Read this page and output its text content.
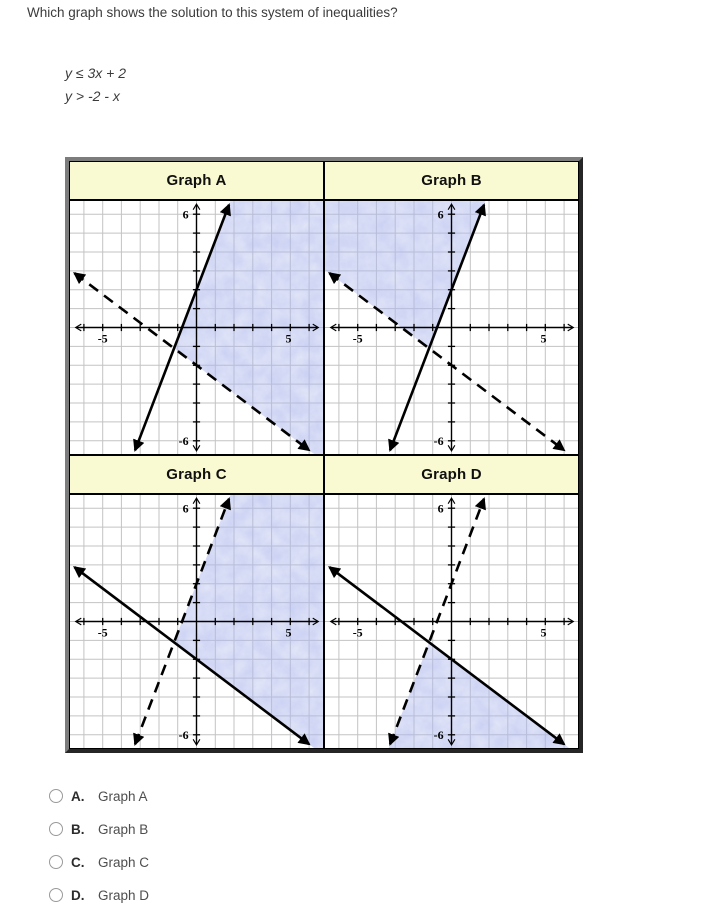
Which graph shows the solution to this system of inequalities?
y ≤ 3x + 2
y > -2 - x
Graph A	Graph B
6
-6
-5	5
6
-6
-5	5
Graph C	Graph D
6
-6
-5	5
6
-6
-5	5
A.	Graph A
B.	Graph B
C.	Graph C
D.	Graph D
